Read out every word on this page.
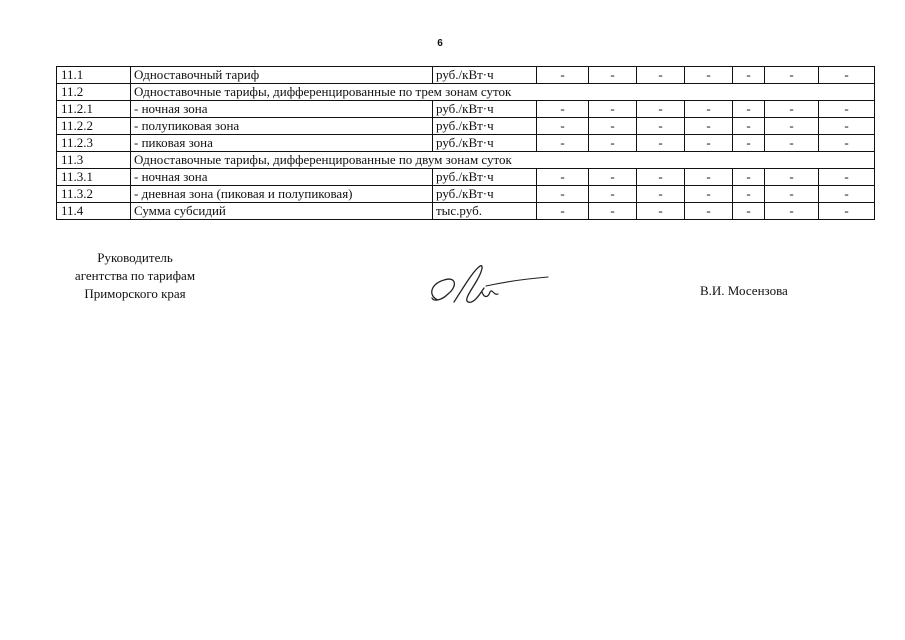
6
11.1	Одноставочный тариф	руб./кВт·ч	-	-	-	-	-	-	-
11.2	Одноставочные тарифы, дифференцированные по трем зонам суток								
11.2.1	- ночная зона	руб./кВт·ч	-	-	-	-	-	-	-
11.2.2	- полупиковая зона	руб./кВт·ч	-	-	-	-	-	-	-
11.2.3	- пиковая зона	руб./кВт·ч	-	-	-	-	-	-	-
11.3	Одноставочные тарифы, дифференцированные по двум зонам суток								
11.3.1	- ночная зона	руб./кВт·ч	-	-	-	-	-	-	-
11.3.2	- дневная зона (пиковая и полупиковая)	руб./кВт·ч	-	-	-	-	-	-	-
11.4	Сумма субсидий	тыс.руб.	-	-	-	-	-	-	-
Руководитель
агентства по тарифам
Приморского края	В.И. Мосензова
